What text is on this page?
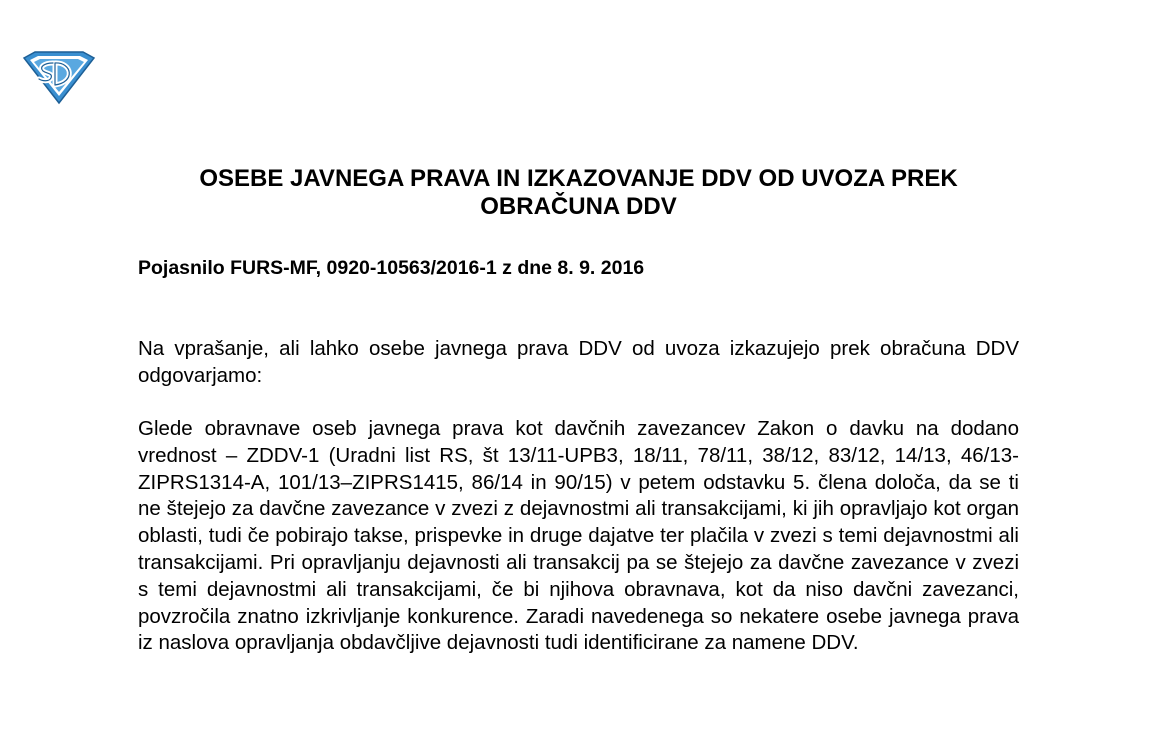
OSEBE JAVNEGA PRAVA IN IZKAZOVANJE DDV OD UVOZA PREK OBRAČUNA DDV

Pojasnilo FURS-MF, 0920-10563/2016-1 z dne 8. 9. 2016

Na vprašanje, ali lahko osebe javnega prava DDV od uvoza izkazujejo prek obračuna DDV odgovarjamo:

Glede obravnave oseb javnega prava kot davčnih zavezancev Zakon o davku na dodano vrednost – ZDDV-1 (Uradni list RS, št 13/11-UPB3, 18/11, 78/11, 38/12, 83/12, 14/13, 46/13-ZIPRS1314-A, 101/13–ZIPRS1415, 86/14 in 90/15) v petem odstavku 5. člena določa, da se ti ne štejejo za davčne zavezance v zvezi z dejavnostmi ali transakcijami, ki jih opravljajo kot organ oblasti, tudi če pobirajo takse, prispevke in druge dajatve ter plačila v zvezi s temi dejavnostmi ali transakcijami. Pri opravljanju dejavnosti ali transakcij pa se štejejo za davčne zavezance v zvezi s temi dejavnostmi ali transakcijami, če bi njihova obravnava, kot da niso davčni zavezanci, povzročila znatno izkrivljanje konkurence. Zaradi navedenega so nekatere osebe javnega prava iz naslova opravljanja obdavčljive dejavnosti tudi identificirane za namene DDV.
